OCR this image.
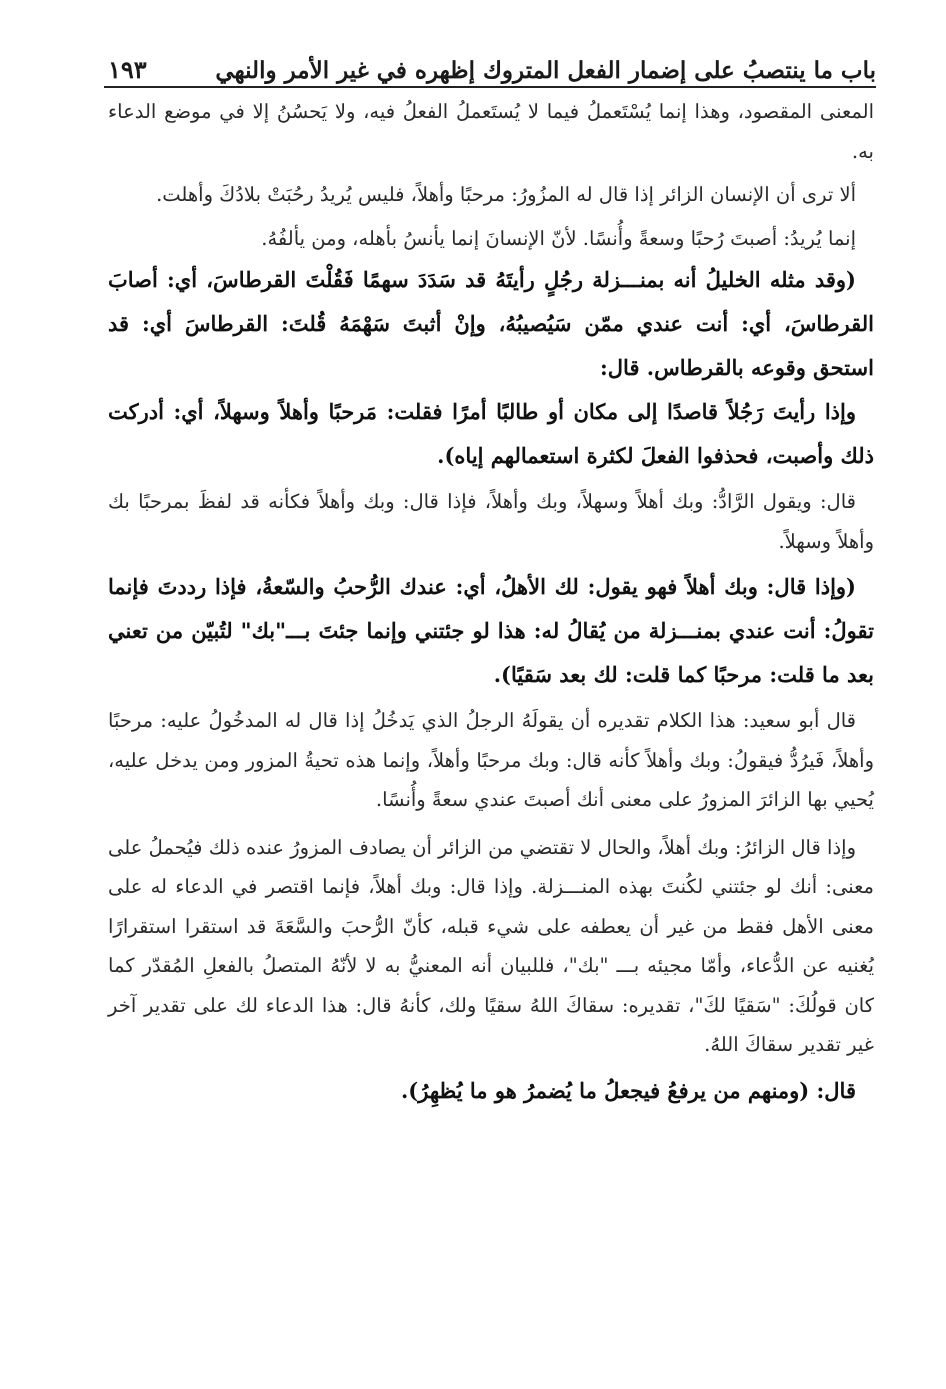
باب ما ينتصبُ على إضمار الفعل المتروك إظهره في غير الأمر والنهي
١٩٣

المعنى المقصود، وهذا إنما يُسْتَعملُ فيما لا يُستَعملُ الفعلُ فيه، ولا يَحسُنُ إلا في موضع الدعاء به.

ألا ترى أن الإنسان الزائر إذا قال له المزُورُ: مرحبًا وأهلاً، فليس يُريدُ رحُبَتْ بلادُكَ وأهلت.

إنما يُريدُ: أصبتَ رُحبًا وسعةً وأُنسًا. لأنّ الإنسانَ إنما يأنسُ بأهله، ومن يألفُهُ.

(وقد مثله الخليلُ أنه بمنـــزلة رجُلٍ رأيتَهُ قد سَدَدَ سهمًا فَقُلْتَ القرطاسَ، أي: أصابَ القرطاسَ، أي: أنت عندي ممّن سَيُصيبُهُ، وإنْ أثبتَ سَهْمَهُ قُلتَ: القرطاسَ أي: قد استحق وقوعه بالقرطاس. قال:

وإذا رأيتَ رَجُلاً قاصدًا إلى مكان أو طالبًا أمرًا فقلت: مَرحبًا وأهلاً وسهلاً، أي: أدركت ذلك وأصبت، فحذفوا الفعلَ لكثرة استعمالهم إياه).

قال: ويقول الرَّادُّ: وبك أهلاً وسهلاً، وبك وأهلاً، فإذا قال: وبك وأهلاً فكأنه قد لفظَ بمرحبًا بك وأهلاً وسهلاً.

(وإذا قال: وبك أهلاً فهو يقول: لك الأهلُ، أي: عندك الرُّحبُ والسّعةُ، فإذا رددتَ فإنما تقولُ: أنت عندي بمنـــزلة من يُقالُ له: هذا لو جئتني وإنما جئتَ بـــ"بك" لتُبيّن من تعني بعد ما قلت: مرحبًا كما قلت: لك بعد سَقيًا).

قال أبو سعيد: هذا الكلام تقديره أن يقولَهُ الرجلُ الذي يَدخُلُ إذا قال له المدخُولُ عليه: مرحبًا وأهلاً، فَيرُدُّ فيقولُ: وبك وأهلاً كأنه قال: وبك مرحبًا وأهلاً، وإنما هذه تحيةُ المزور ومن يدخل عليه، يُحيي بها الزائرَ المزورُ على معنى أنك أصبتَ عندي سعةً وأُنسًا.

وإذا قال الزائرُ: وبك أهلاً، والحال لا تقتضي من الزائر أن يصادف المزورُ عنده ذلك فيُحملُ على معنى: أنك لو جئتني لكُنتَ بهذه المنـــزلة. وإذا قال: وبك أهلاً، فإنما اقتصر في الدعاء له على معنى الأهل فقط من غير أن يعطفه على شيء قبله، كأنّ الرُّحبَ والسَّعَةَ قد استقرا استقرارًا يُغنيه عن الدُّعاء، وأمّا مجيئه بـــ "بك"، فللبيان أنه المعنيُّ به لا لأنّهُ المتصلُ بالفعلِ المُقدّر كما كان قولُكَ: "سَقيًا لكَ"، تقديره: سقاكَ اللهُ سقيًا ولك، كأنهُ قال: هذا الدعاء لك على تقدير آخر غير تقدير سقاكَ اللهُ.

قال: (ومنهم من يرفعُ فيجعلُ ما يُضمرُ هو ما يُظهِرُ).
